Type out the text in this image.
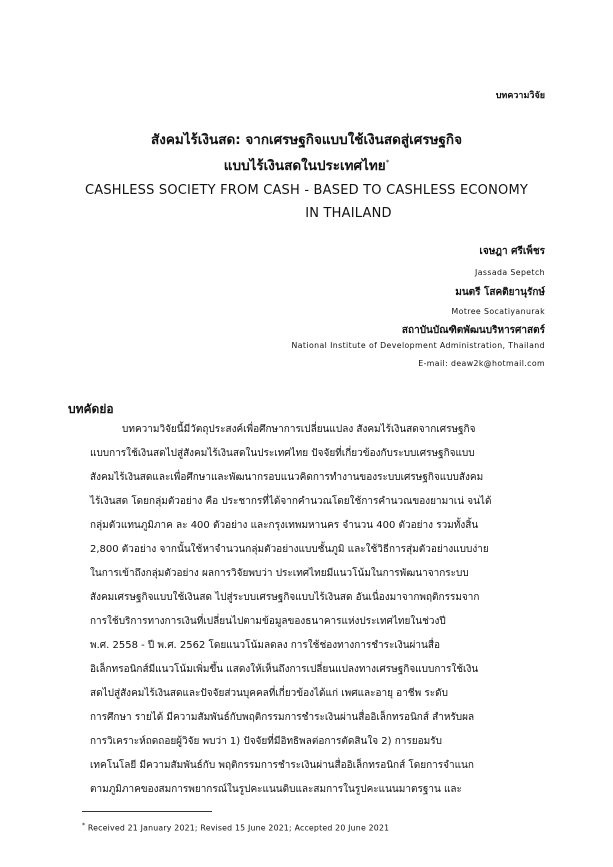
บทความวิจัย
สังคมไร้เงินสด: จากเศรษฐกิจแบบใช้เงินสดสู่เศรษฐกิจ
แบบไร้เงินสดในประเทศไทย*
CASHLESS SOCIETY FROM CASH - BASED TO CASHLESS ECONOMY
IN THAILAND
เจษฎา ศรีเพ็ชร
Jassada Sepetch
มนตรี โสคติยานุรักษ์
Motree Socatiyanurak
สถาบันบัณฑิตพัฒนบริหารศาสตร์
National Institute of Development Administration, Thailand
E-mail: deaw2k@hotmail.com
บทคัดย่อ
บทความวิจัยนี้มีวัตถุประสงค์เพื่อศึกษาการเปลี่ยนแปลง สังคมไร้เงินสดจากเศรษฐกิจ
แบบการใช้เงินสดไปสู่สังคมไร้เงินสดในประเทศไทย ปัจจัยที่เกี่ยวข้องกับระบบเศรษฐกิจแบบ
สังคมไร้เงินสดและเพื่อศึกษาและพัฒนากรอบแนวคิดการทำงานของระบบเศรษฐกิจแบบสังคม
ไร้เงินสด โดยกลุ่มตัวอย่าง คือ ประชากรที่ได้จากคำนวณโดยใช้การคำนวณของยามาเน่ จนได้
กลุ่มตัวแทนภูมิภาค ละ 400 ตัวอย่าง และกรุงเทพมหานคร จำนวน 400 ตัวอย่าง รวมทั้งสิ้น
2,800 ตัวอย่าง จากนั้นใช้หาจำนวนกลุ่มตัวอย่างแบบชั้นภูมิ และใช้วิธีการสุ่มตัวอย่างแบบง่าย
ในการเข้าถึงกลุ่มตัวอย่าง ผลการวิจัยพบว่า ประเทศไทยมีแนวโน้มในการพัฒนาจากระบบ
สังคมเศรษฐกิจแบบใช้เงินสด ไปสู่ระบบเศรษฐกิจแบบไร้เงินสด อันเนื่องมาจากพฤติกรรมจาก
การใช้บริการทางการเงินที่เปลี่ยนไปตามข้อมูลของธนาคารแห่งประเทศไทยในช่วงปี
พ.ศ. 2558 - ปี พ.ศ. 2562 โดยแนวโน้มลดลง การใช้ช่องทางการชำระเงินผ่านสื่อ
อิเล็กทรอนิกส์มีแนวโน้มเพิ่มขึ้น แสดงให้เห็นถึงการเปลี่ยนแปลงทางเศรษฐกิจแบบการใช้เงิน
สดไปสู่สังคมไร้เงินสดและปัจจัยส่วนบุคคลที่เกี่ยวข้องได้แก่ เพศและอายุ อาชีพ ระดับ
การศึกษา รายได้ มีความสัมพันธ์กับพฤติกรรมการชำระเงินผ่านสื่ออิเล็กทรอนิกส์ สำหรับผล
การวิเคราะห์ถดถอยผู้วิจัย พบว่า 1) ปัจจัยที่มีอิทธิพลต่อการตัดสินใจ 2) การยอมรับ
เทคโนโลยี มีความสัมพันธ์กับ พฤติกรรมการชำระเงินผ่านสื่ออิเล็กทรอนิกส์ โดยการจำแนก
ตามภูมิภาคของสมการพยากรณ์ในรูปคะแนนดิบและสมการในรูปคะแนนมาตรฐาน และ
* Received 21 January 2021; Revised 15 June 2021; Accepted 20 June 2021
